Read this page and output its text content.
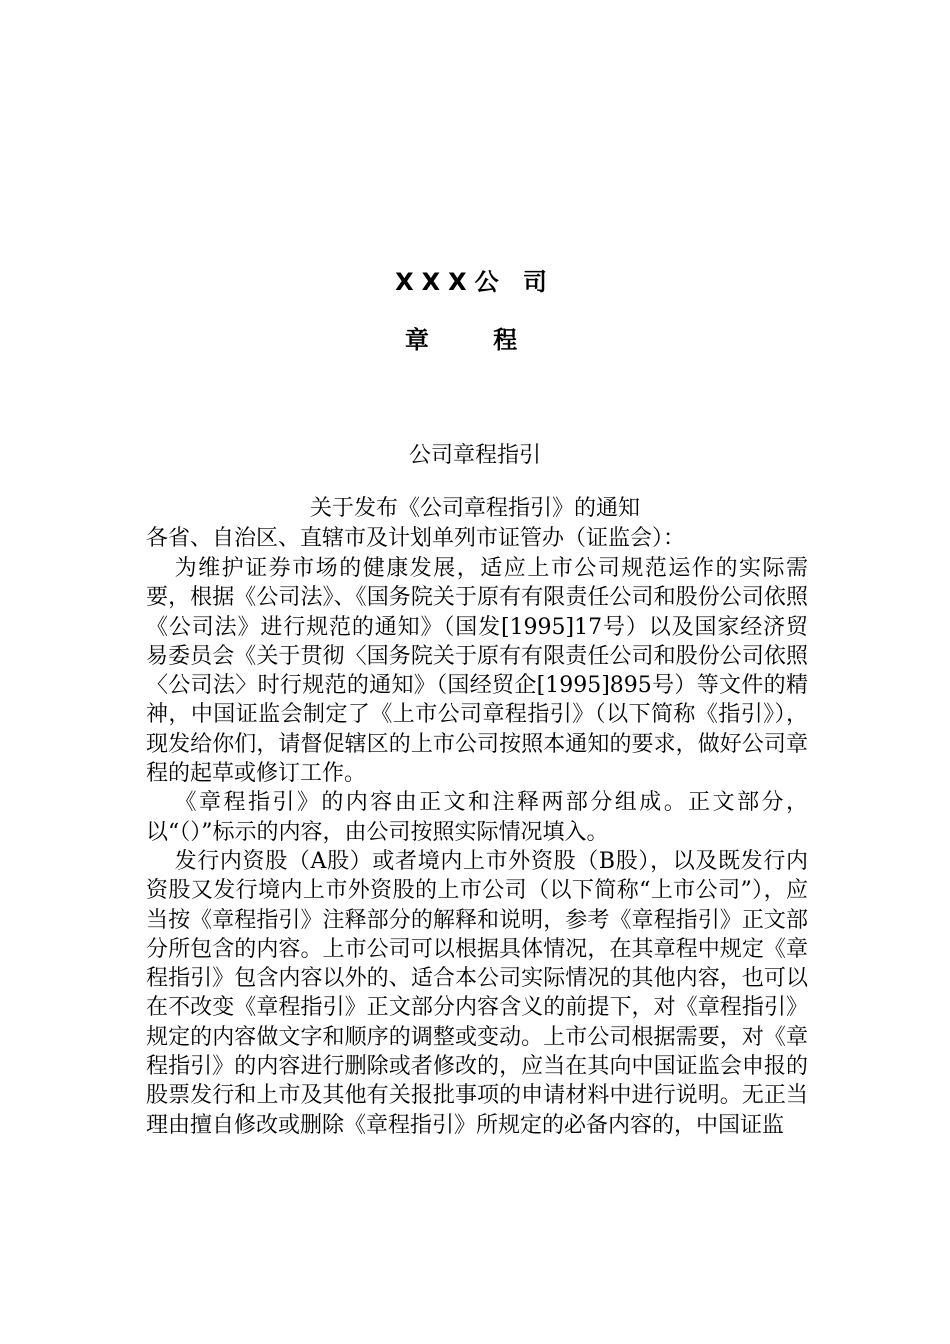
XXX公 司
章 程
公司章程指引
关于发布《公司章程指引》的通知
各省、自治区、直辖市及计划单列市证管办（证监会）：

为维护证券市场的健康发展，适应上市公司规范运作的实际需要，根据《公司法》、《国务院关于原有有限责任公司和股份公司依照《公司法》进行规范的通知》（国发[1995]17号）以及国家经济贸易委员会《关于贯彻〈国务院关于原有有限责任公司和股份公司依照〈公司法〉时行规范的通知》（国经贸企[1995]895号）等文件的精神，中国证监会制定了《上市公司章程指引》（以下简称《指引》），现发给你们，请督促辖区的上市公司按照本通知的要求，做好公司章程的起草或修订工作。

《章程指引》的内容由正文和注释两部分组成。正文部分，以“（）”标示的内容，由公司按照实际情况填入。

发行内资股（A股）或者境内上市外资股（B股），以及既发行内资股又发行境内上市外资股的上市公司（以下简称“上市公司”），应当按《章程指引》注释部分的解释和说明，参考《章程指引》正文部分所包含的内容。上市公司可以根据具体情况，在其章程中规定《章程指引》包含内容以外的、适合本公司实际情况的其他内容，也可以在不改变《章程指引》正文部分内容含义的前提下，对《章程指引》规定的内容做文字和顺序的调整或变动。上市公司根据需要，对《章程指引》的内容进行删除或者修改的，应当在其向中国证监会申报的股票发行和上市及其他有关报批事项的申请材料中进行说明。无正当理由擅自修改或删除《章程指引》所规定的必备内容的，中国证监
